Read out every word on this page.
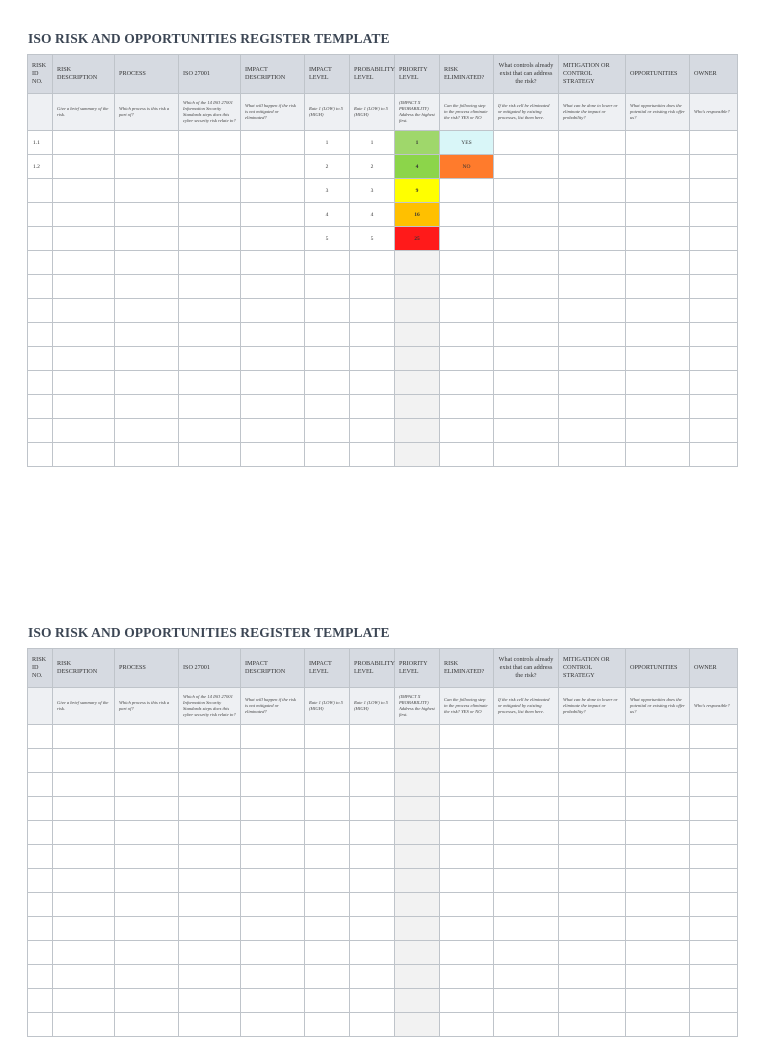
ISO RISK AND OPPORTUNITIES REGISTER TEMPLATE
RISK ID NO.	RISK DESCRIPTION	PROCESS	ISO 27001	IMPACT DESCRIPTION	IMPACT LEVEL	PROBABILITY LEVEL	PRIORITY LEVEL	RISK ELIMINATED?	What controls already exist that can address the risk?	MITIGATION OR CONTROL STRATEGY	OPPORTUNITIES	OWNER
	Give a brief summary of the risk.	Which process is this risk a part of?	Which of the 14 ISO 27001 Information Security Standards steps does this cyber security risk relate to?	What will happen if the risk is not mitigated or eliminated?	Rate 1 (LOW) to 5 (HIGH)	Rate 1 (LOW) to 5 (HIGH)	(IMPACT X PROBABILITY) Address the highest first.	Can the following step in the process eliminate the risk? YES or NO	If the risk cell be eliminated or mitigated by existing processes, list them here.	What can be done to lower or eliminate the impact or probability?	What opportunities does the potential or existing risk offer us?	Who's responsible?
1.1					1	1	1	YES				
1.2					2	2	4	NO				
					3	3	9					
					4	4	16					
					5	5	25					

ISO RISK AND OPPORTUNITIES REGISTER TEMPLATE
RISK ID NO.	RISK DESCRIPTION	PROCESS	ISO 27001	IMPACT DESCRIPTION	IMPACT LEVEL	PROBABILITY LEVEL	PRIORITY LEVEL	RISK ELIMINATED?	What controls already exist that can address the risk?	MITIGATION OR CONTROL STRATEGY	OPPORTUNITIES	OWNER
	Give a brief summary of the risk.	Which process is this risk a part of?	Which of the 14 ISO 27001 Information Security Standards steps does this cyber security risk relate to?	What will happen if the risk is not mitigated or eliminated?	Rate 1 (LOW) to 5 (HIGH)	Rate 1 (LOW) to 5 (HIGH)	(IMPACT X PROBABILITY) Address the highest first.	Can the following step in the process eliminate the risk? YES or NO	If the risk cell be eliminated or mitigated by existing processes, list them here.	What can be done to lower or eliminate the impact or probability?	What opportunities does the potential or existing risk offer us?	Who's responsible?
